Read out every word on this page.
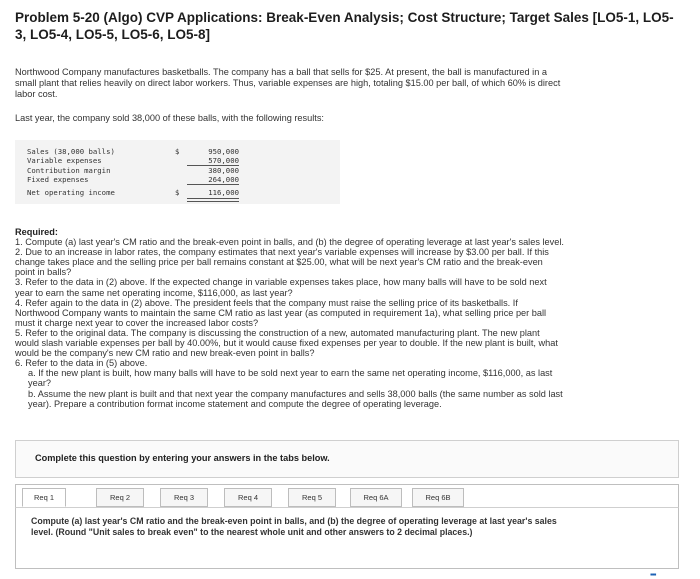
Problem 5-20 (Algo) CVP Applications: Break-Even Analysis; Cost Structure; Target Sales [LO5-1, LO5-3, LO5-4, LO5-5, LO5-6, LO5-8]
Northwood Company manufactures basketballs. The company has a ball that sells for $25. At present, the ball is manufactured in a
small plant that relies heavily on direct labor workers. Thus, variable expenses are high, totaling $15.00 per ball, of which 60% is direct
labor cost.
Last year, the company sold 38,000 of these balls, with the following results:
Sales (38,000 balls)	$	950,000
Variable expenses	570,000
Contribution margin	380,000
Fixed expenses	264,000
Net operating income	$	116,000
Required:
1. Compute (a) last year's CM ratio and the break-even point in balls, and (b) the degree of operating leverage at last year's sales level.
2. Due to an increase in labor rates, the company estimates that next year's variable expenses will increase by $3.00 per ball. If this
change takes place and the selling price per ball remains constant at $25.00, what will be next year's CM ratio and the break-even
point in balls?
3. Refer to the data in (2) above. If the expected change in variable expenses takes place, how many balls will have to be sold next
year to earn the same net operating income, $116,000, as last year?
4. Refer again to the data in (2) above. The president feels that the company must raise the selling price of its basketballs. If
Northwood Company wants to maintain the same CM ratio as last year (as computed in requirement 1a), what selling price per ball
must it charge next year to cover the increased labor costs?
5. Refer to the original data. The company is discussing the construction of a new, automated manufacturing plant. The new plant
would slash variable expenses per ball by 40.00%, but it would cause fixed expenses per year to double. If the new plant is built, what
would be the company's new CM ratio and new break-even point in balls?
6. Refer to the data in (5) above.
a. If the new plant is built, how many balls will have to be sold next year to earn the same net operating income, $116,000, as last
year?
b. Assume the new plant is built and that next year the company manufactures and sells 38,000 balls (the same number as sold last
year). Prepare a contribution format income statement and compute the degree of operating leverage.
Complete this question by entering your answers in the tabs below.
Req 1	Req 2	Req 3	Req 4	Req 5	Req 6A	Req 6B
Compute (a) last year's CM ratio and the break-even point in balls, and (b) the degree of operating leverage at last year's sales level. (Round "Unit sales to break even" to the nearest whole unit and other answers to 2 decimal places.)
▪▪▪
